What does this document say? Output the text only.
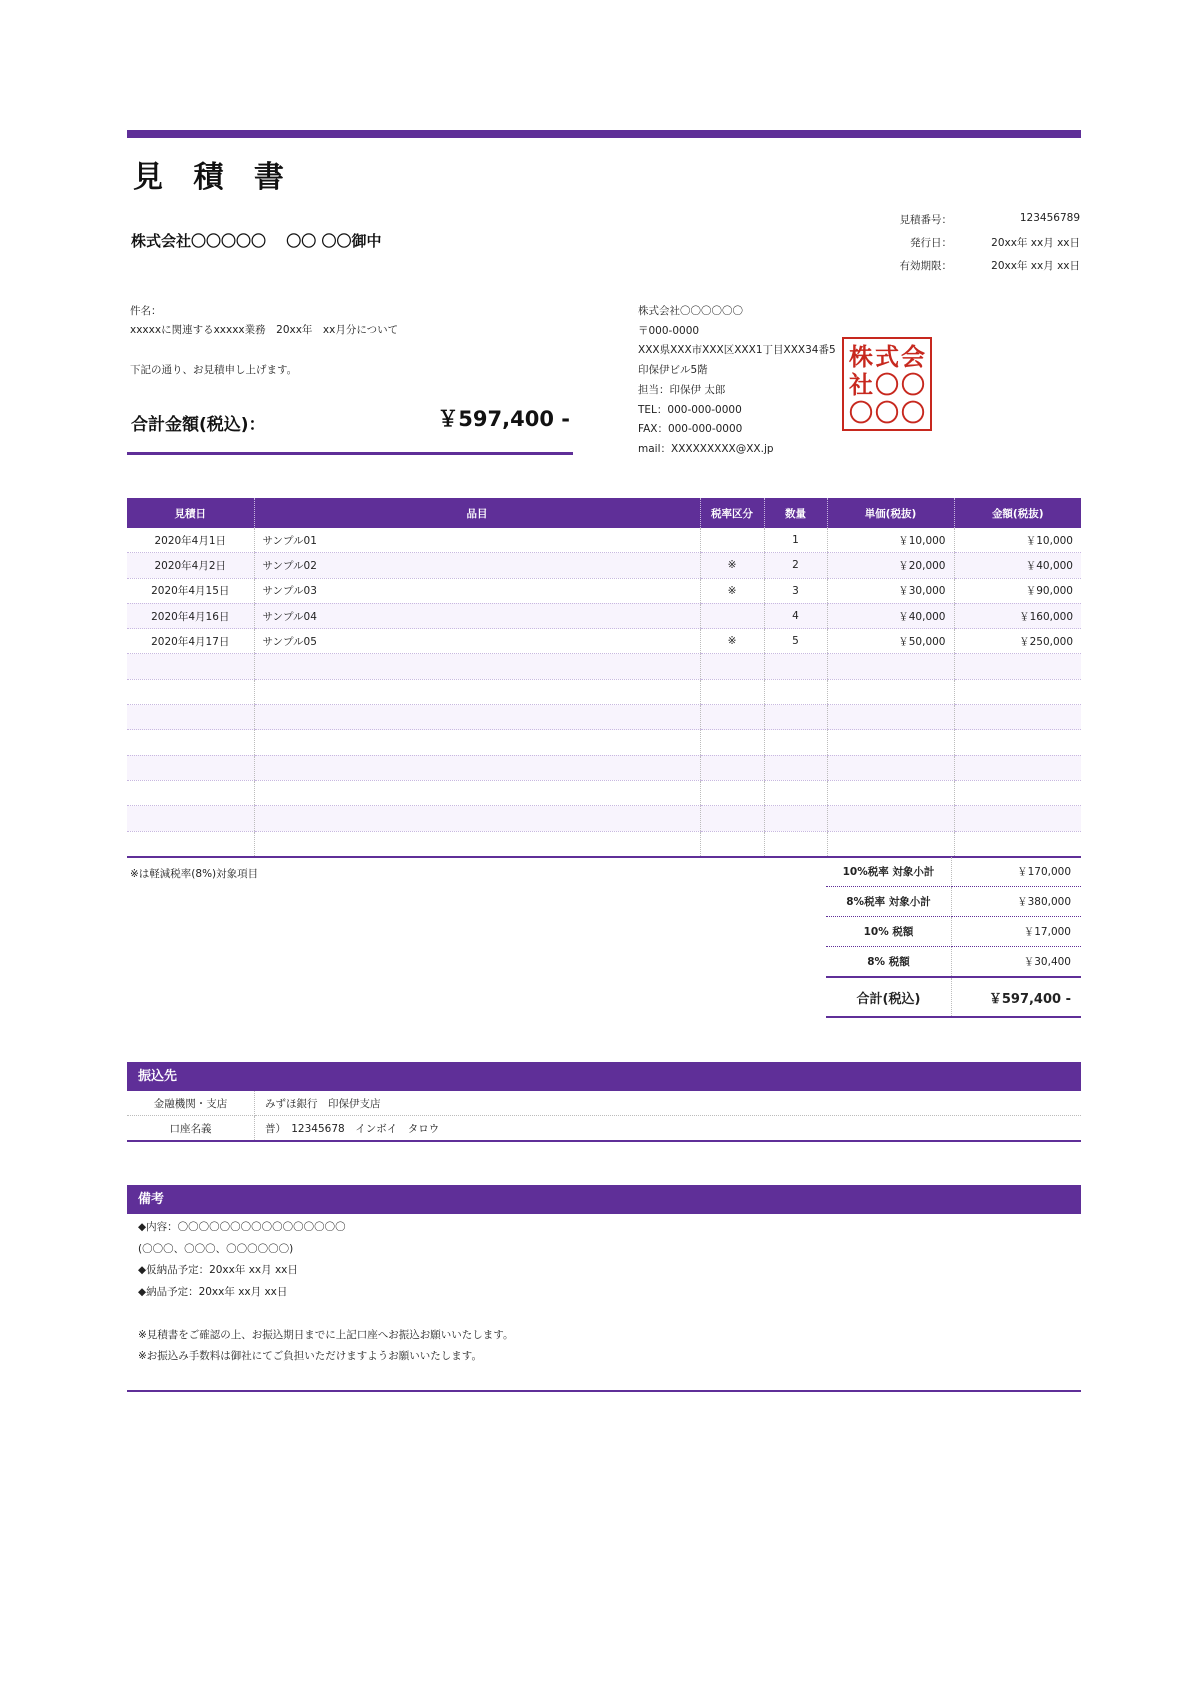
見 積 書
株式会社〇〇〇〇〇　 〇〇 〇〇御中
見積番号：	123456789
発行日：	20xx年 xx月 xx日
有効期限：	20xx年 xx月 xx日
件名：
xxxxxに関連するxxxxx業務　20xx年　xx月分について
下記の通り、お見積申し上げます。
合計金額(税込)：	￥597,400 -
株式会社〇〇〇〇〇〇
〒000-0000
XXX県XXX市XXX区XXX1丁目XXX34番5
印保伊ビル5階
担当：印保伊 太郎
TEL：000-000-0000
FAX：000-000-0000
mail：XXXXXXXXX@XX.jp
株 式 会
社 〇 〇
〇 〇 〇
見積日	品目	税率区分	数量	単価(税抜)	金額(税抜)
2020年4月1日	サンプル01		1	￥10,000	￥10,000
2020年4月2日	サンプル02	※	2	￥20,000	￥40,000
2020年4月15日	サンプル03	※	3	￥30,000	￥90,000
2020年4月16日	サンプル04		4	￥40,000	￥160,000
2020年4月17日	サンプル05	※	5	￥50,000	￥250,000

※は軽減税率(8%)対象項目	10%税率 対象小計	￥170,000
8%税率 対象小計	￥380,000
10% 税額	￥17,000
8% 税額	￥30,400
合計(税込)	￥597,400 -
振込先
金融機関・支店	みずほ銀行　印保伊支店
口座名義	普）　12345678　インボイ　タロウ
備考
◆内容：〇〇〇〇〇〇〇〇〇〇〇〇〇〇〇〇
(〇〇〇、〇〇〇、〇〇〇〇〇〇)
◆仮納品予定：20xx年 xx月 xx日
◆納品予定：20xx年 xx月 xx日
※見積書をご確認の上、お振込期日までに上記口座へお振込お願いいたします。
※お振込み手数料は御社にてご負担いただけますようお願いいたします。
